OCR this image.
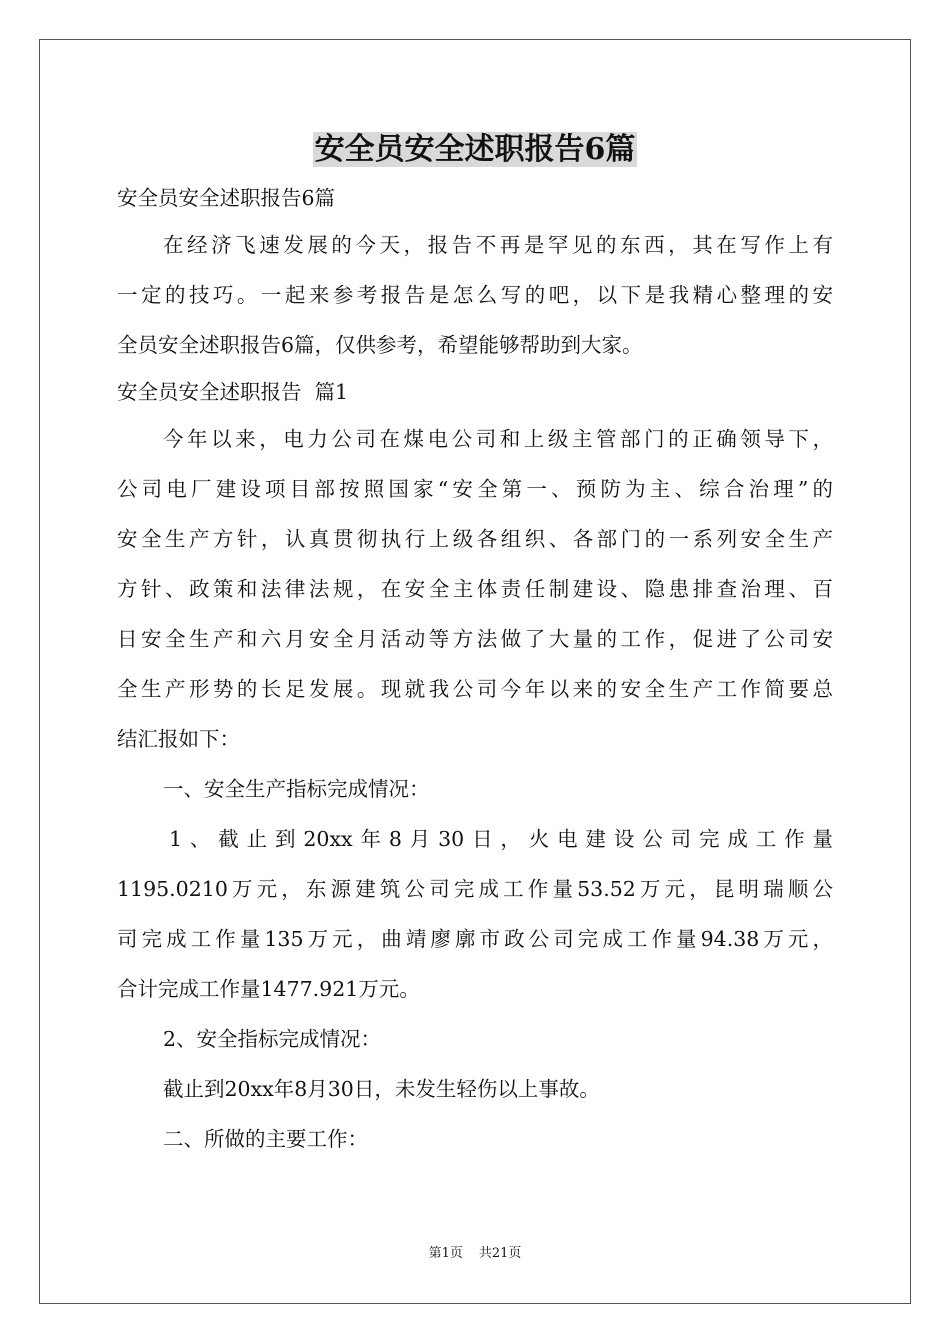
安全员安全述职报告6篇
安全员安全述职报告6篇
在经济飞速发展的今天，报告不再是罕见的东西，其在写作上有
一定的技巧。一起来参考报告是怎么写的吧，以下是我精心整理的安
全员安全述职报告6篇，仅供参考，希望能够帮助到大家。
安全员安全述职报告  篇1
今年以来，电力公司在煤电公司和上级主管部门的正确领导下，
公司电厂建设项目部按照国家“安全第一、预防为主、综合治理”的
安全生产方针，认真贯彻执行上级各组织、各部门的一系列安全生产
方针、政策和法律法规，在安全主体责任制建设、隐患排查治理、百
日安全生产和六月安全月活动等方法做了大量的工作，促进了公司安
全生产形势的长足发展。现就我公司今年以来的安全生产工作简要总
结汇报如下：
一、安全生产指标完成情况：
1、截止到20xx年8月30日，火电建设公司完成工作量
1195.0210万元，东源建筑公司完成工作量53.52万元，昆明瑞顺公
司完成工作量135万元，曲靖廖廓市政公司完成工作量94.38万元，
合计完成工作量1477.921万元。
2、安全指标完成情况：
截止到20xx年8月30日，未发生轻伤以上事故。
二、所做的主要工作：
第1页 共21页
